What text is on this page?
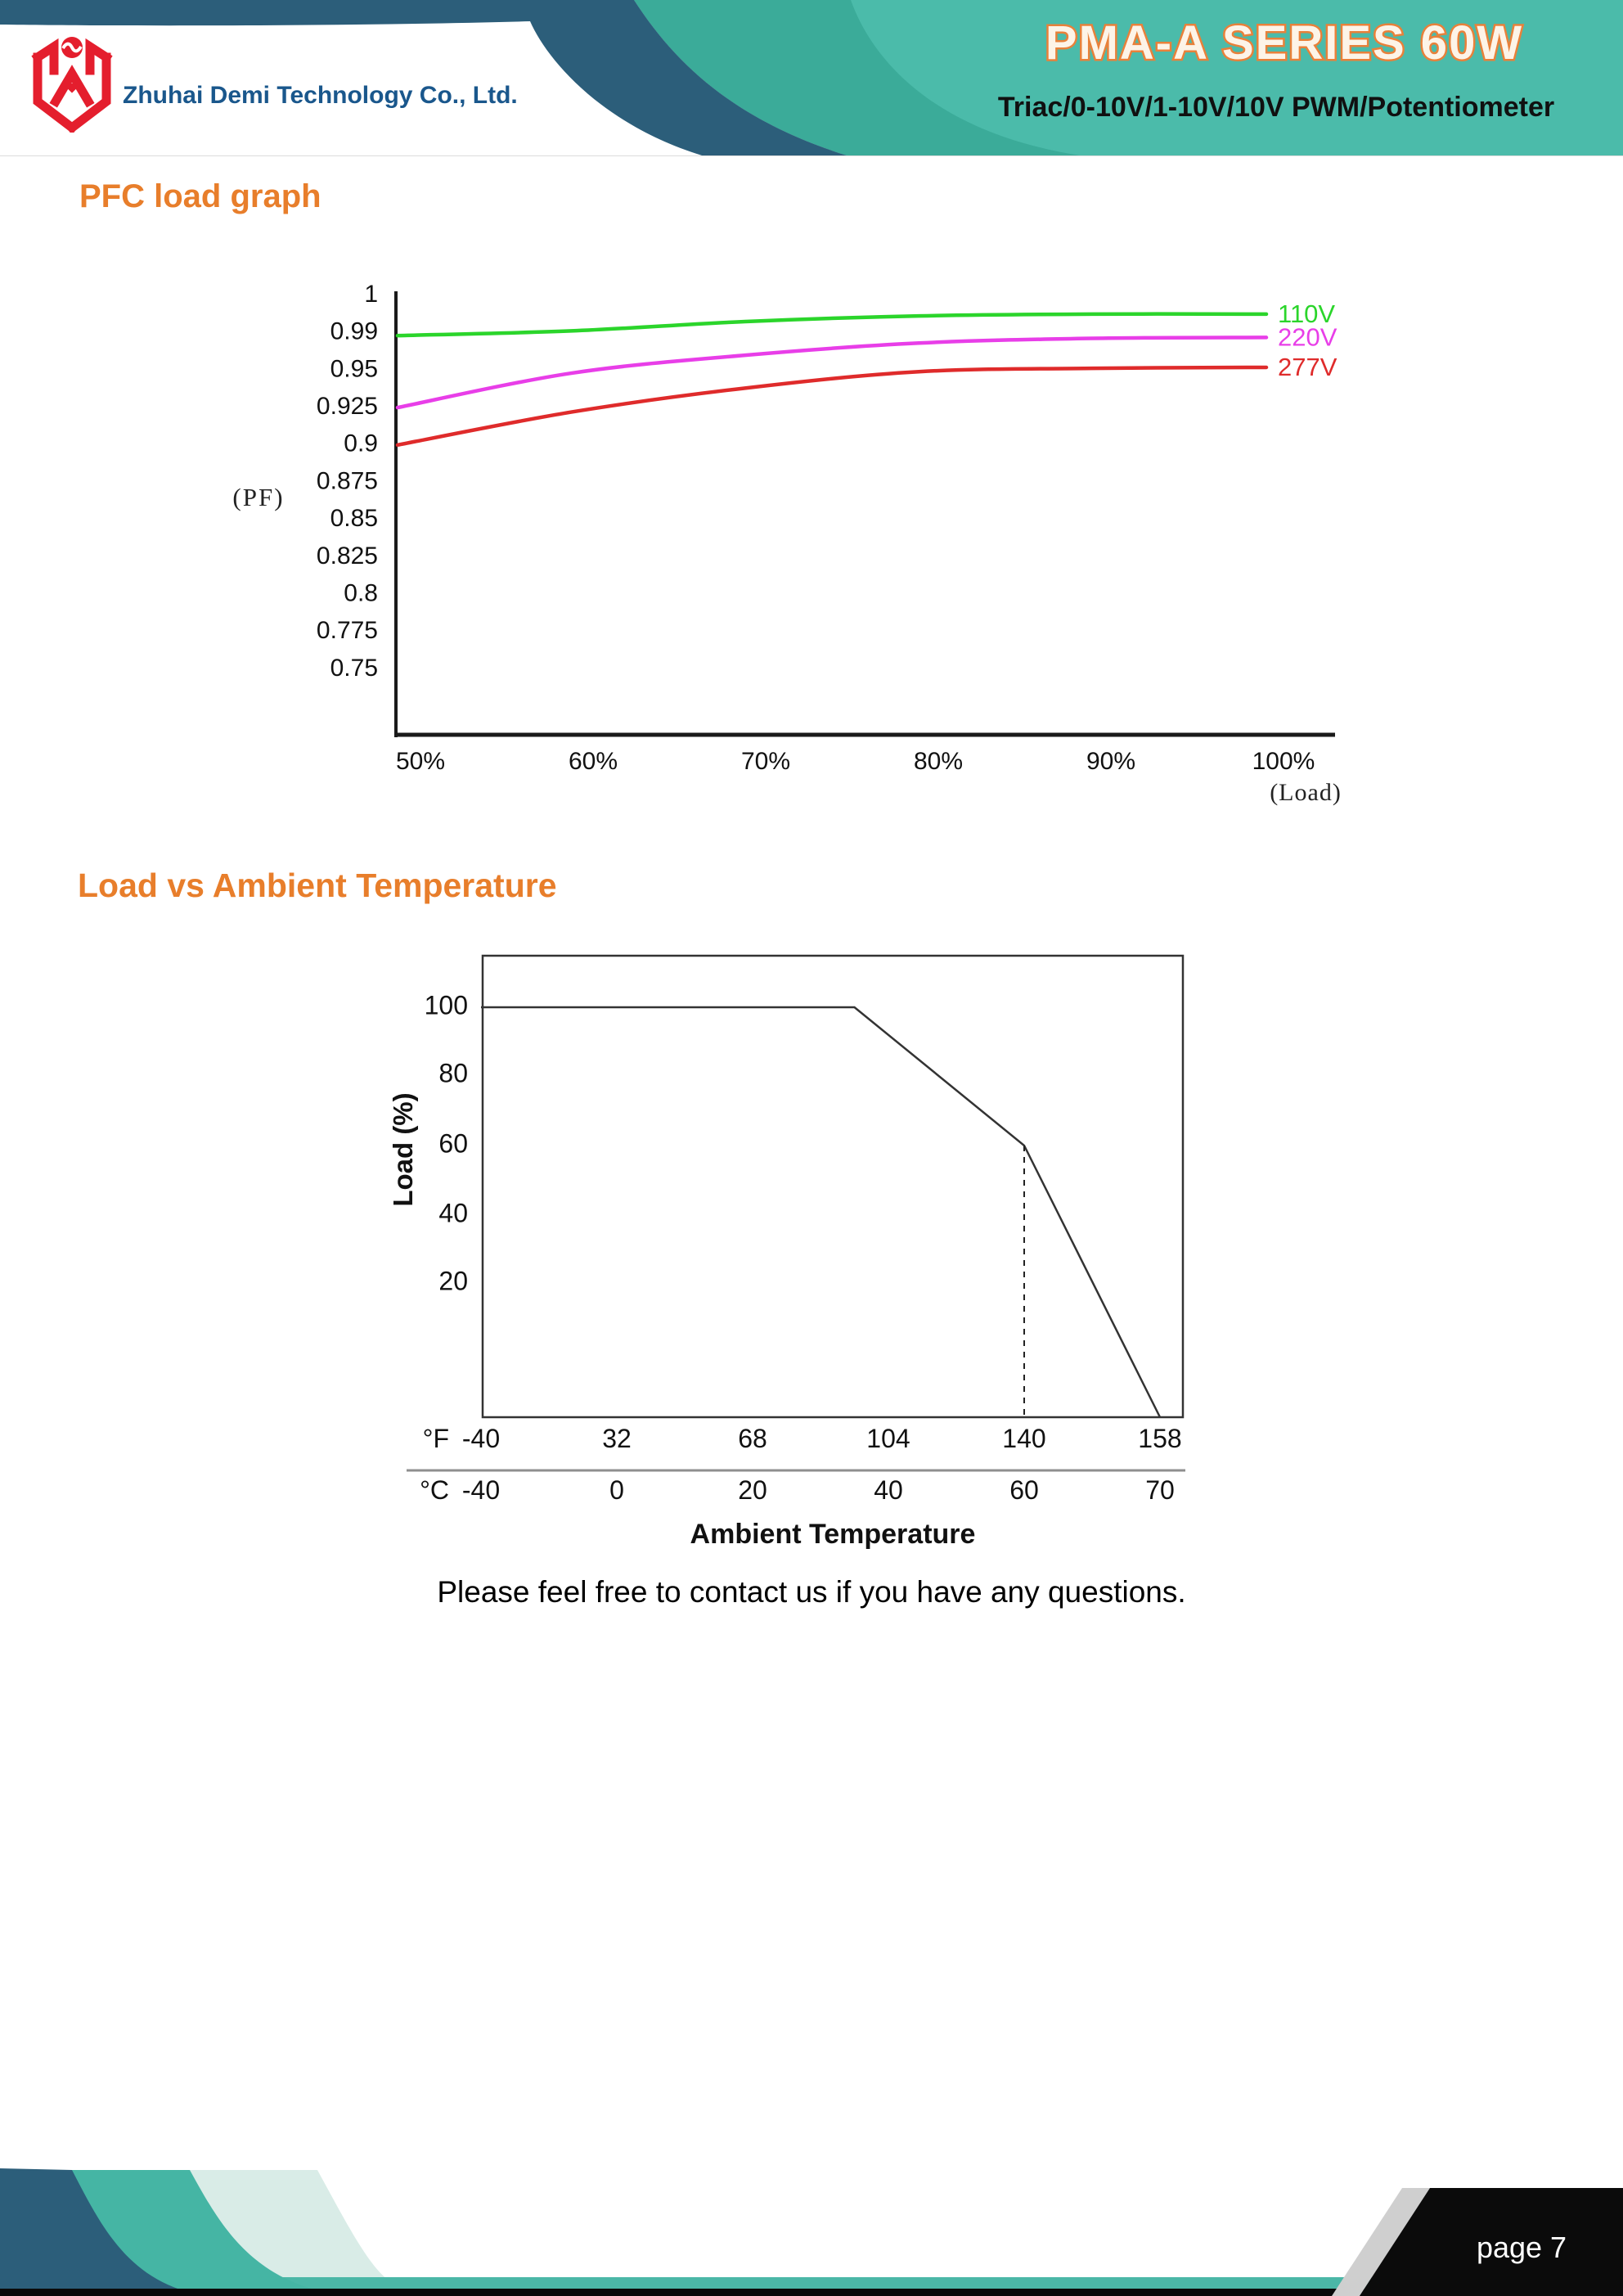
Zhuhai Demi Technology Co., Ltd.
PMA-A SERIES 60W
Triac/0-10V/1-10V/10V PWM/Potentiometer
PFC load graph
Load vs Ambient Temperature
1
0.99
0.95
0.925
0.9
0.875
0.85
0.825
0.8
0.775
0.75
50%	60%	70%	80%	90%	100%
(PF)
(Load)
110V
220V
277V
100
80
60
40
20
Load (%)
°F -40	32	68	104	140	158
°C -40	0	20	40	60	70
Ambient Temperature
Please feel free to contact us if you have any questions.
page 7
